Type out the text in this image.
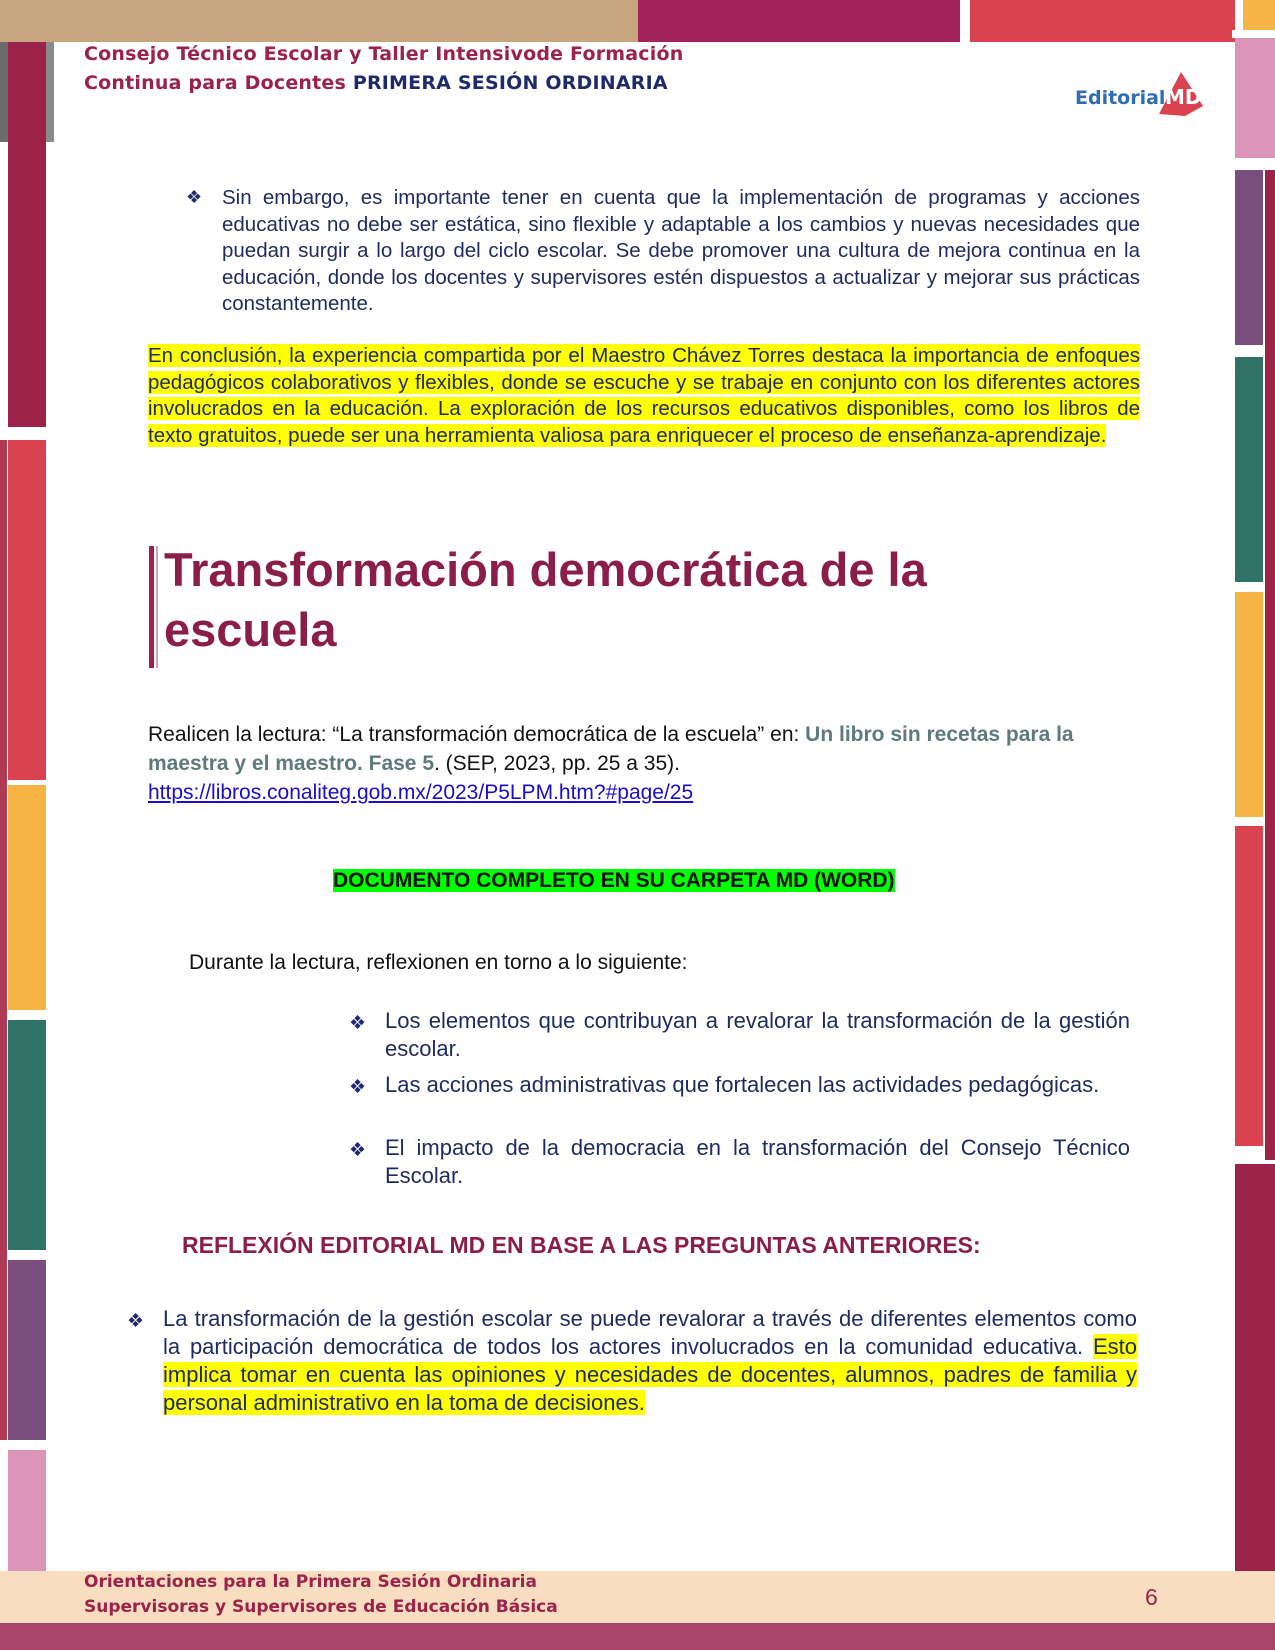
Consejo Técnico Escolar y Taller Intensivode Formación
Continua para Docentes PRIMERA SESIÓN ORDINARIA
Editorial MD
❖ Sin embargo, es importante tener en cuenta que la implementación de programas y acciones educativas no debe ser estática, sino flexible y adaptable a los cambios y nuevas necesidades que puedan surgir a lo largo del ciclo escolar. Se debe promover una cultura de mejora continua en la educación, donde los docentes y supervisores estén dispuestos a actualizar y mejorar sus prácticas constantemente.
En conclusión, la experiencia compartida por el Maestro Chávez Torres destaca la importancia de enfoques pedagógicos colaborativos y flexibles, donde se escuche y se trabaje en conjunto con los diferentes actores involucrados en la educación. La exploración de los recursos educativos disponibles, como los libros de texto gratuitos, puede ser una herramienta valiosa para enriquecer el proceso de enseñanza-aprendizaje.
Transformación democrática de la escuela
Realicen la lectura: “La transformación democrática de la escuela” en: Un libro sin recetas para la maestra y el maestro. Fase 5. (SEP, 2023, pp. 25 a 35).
https://libros.conaliteg.gob.mx/2023/P5LPM.htm?#page/25
DOCUMENTO COMPLETO EN SU CARPETA MD (WORD)
Durante la lectura, reflexionen en torno a lo siguiente:
❖ Los elementos que contribuyan a revalorar la transformación de la gestión escolar.
❖ Las acciones administrativas que fortalecen las actividades pedagógicas.
❖ El impacto de la democracia en la transformación del Consejo Técnico Escolar.
REFLEXIÓN EDITORIAL MD EN BASE A LAS PREGUNTAS ANTERIORES:
❖ La transformación de la gestión escolar se puede revalorar a través de diferentes elementos como la participación democrática de todos los actores involucrados en la comunidad educativa. Esto implica tomar en cuenta las opiniones y necesidades de docentes, alumnos, padres de familia y personal administrativo en la toma de decisiones.
Orientaciones para la Primera Sesión Ordinaria
Supervisoras y Supervisores de Educación Básica	6
